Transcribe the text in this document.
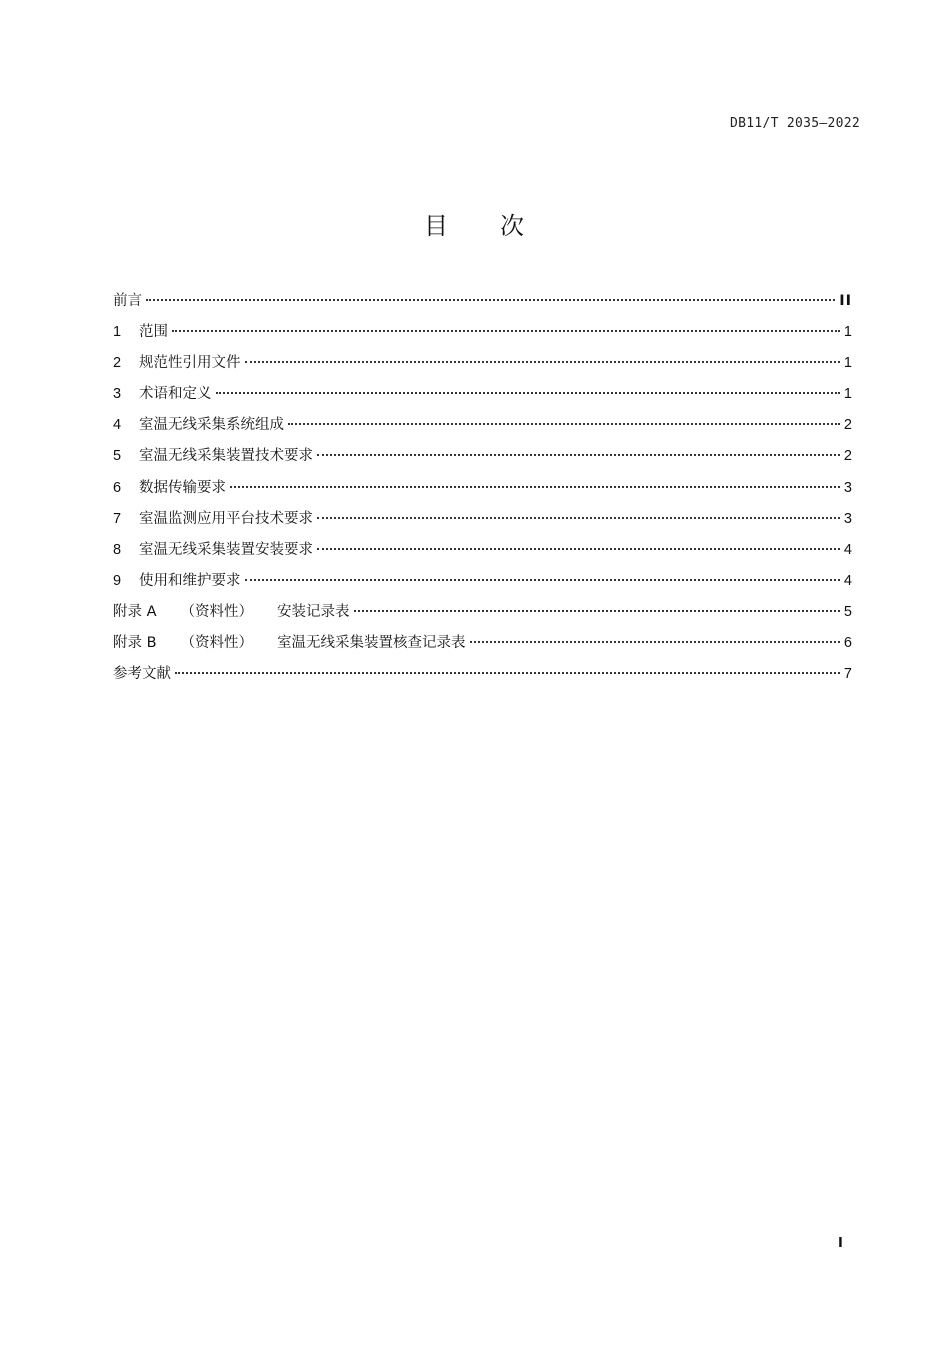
DB11/T 2035—2022
目 次
前言	II
1	范围	1
2	规范性引用文件	1
3	术语和定义	1
4	室温无线采集系统组成	2
5	室温无线采集装置技术要求	2
6	数据传输要求	3
7	室温监测应用平台技术要求	3
8	室温无线采集装置安装要求	4
9	使用和维护要求	4
附录 A （资料性） 安装记录表	5
附录 B （资料性） 室温无线采集装置核查记录表	6
参考文献	7
I
